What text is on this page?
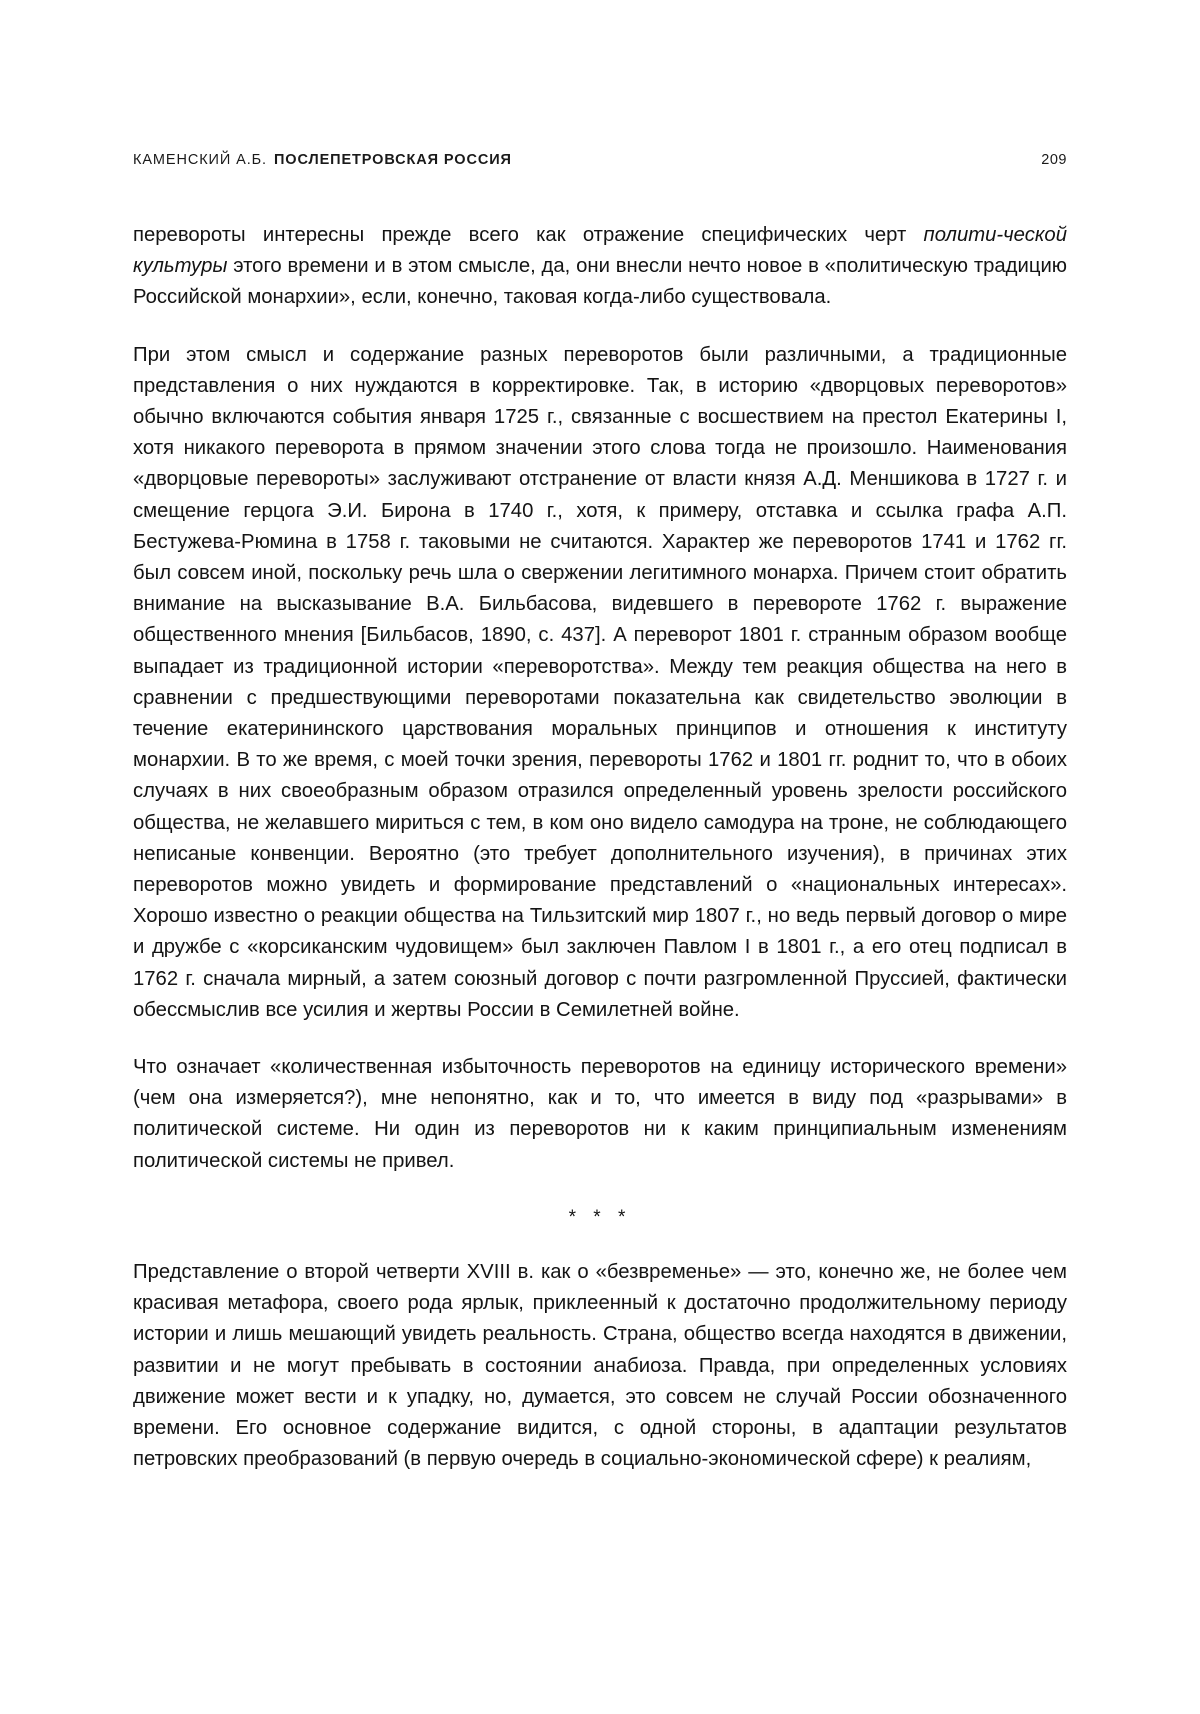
КАМЕНСКИЙ А.Б. ПОСЛЕПЕТРОВСКАЯ РОССИЯ	209

перевороты интересны прежде всего как отражение специфических черт полити-ческой культуры этого времени и в этом смысле, да, они внесли нечто новое в «политическую традицию Российской монархии», если, конечно, таковая когда-либо существовала.

При этом смысл и содержание разных переворотов были различными, а традиционные представления о них нуждаются в корректировке. Так, в историю «дворцовых переворотов» обычно включаются события января 1725 г., связанные с восшествием на престол Екатерины I, хотя никакого переворота в прямом значении этого слова тогда не произошло. Наименования «дворцовые перевороты» заслуживают отстранение от власти князя А.Д. Меншикова в 1727 г. и смещение герцога Э.И. Бирона в 1740 г., хотя, к примеру, отставка и ссылка графа А.П. Бестужева-Рюмина в 1758 г. таковыми не считаются. Характер же переворотов 1741 и 1762 гг. был совсем иной, поскольку речь шла о свержении легитимного монарха. Причем стоит обратить внимание на высказывание В.А. Бильбасова, видевшего в перевороте 1762 г. выражение общественного мнения [Бильбасов, 1890, с. 437]. А переворот 1801 г. странным образом вообще выпадает из традиционной истории «переворотства». Между тем реакция общества на него в сравнении с предшествующими переворотами показательна как свидетельство эволюции в течение екатерининского царствования моральных принципов и отношения к институту монархии. В то же время, с моей точки зрения, перевороты 1762 и 1801 гг. роднит то, что в обоих случаях в них своеобразным образом отразился определенный уровень зрелости российского общества, не желавшего мириться с тем, в ком оно видело самодура на троне, не соблюдающего неписаные конвенции. Вероятно (это требует дополнительного изучения), в причинах этих переворотов можно увидеть и формирование представлений о «национальных интересах». Хорошо известно о реакции общества на Тильзитский мир 1807 г., но ведь первый договор о мире и дружбе с «корсиканским чудовищем» был заключен Павлом I в 1801 г., а его отец подписал в 1762 г. сначала мирный, а затем союзный договор с почти разгромленной Пруссией, фактически обессмыслив все усилия и жертвы России в Семилетней войне.

Что означает «количественная избыточность переворотов на единицу исторического времени» (чем она измеряется?), мне непонятно, как и то, что имеется в виду под «разрывами» в политической системе. Ни один из переворотов ни к каким принципиальным изменениям политической системы не привел.

* * *

Представление о второй четверти XVIII в. как о «безвременье» — это, конечно же, не более чем красивая метафора, своего рода ярлык, приклеенный к достаточно продолжительному периоду истории и лишь мешающий увидеть реальность. Страна, общество всегда находятся в движении, развитии и не могут пребывать в состоянии анабиоза. Правда, при определенных условиях движение может вести и к упадку, но, думается, это совсем не случай России обозначенного времени. Его основное содержание видится, с одной стороны, в адаптации результатов петровских преобразований (в первую очередь в социально-экономической сфере) к реалиям,
